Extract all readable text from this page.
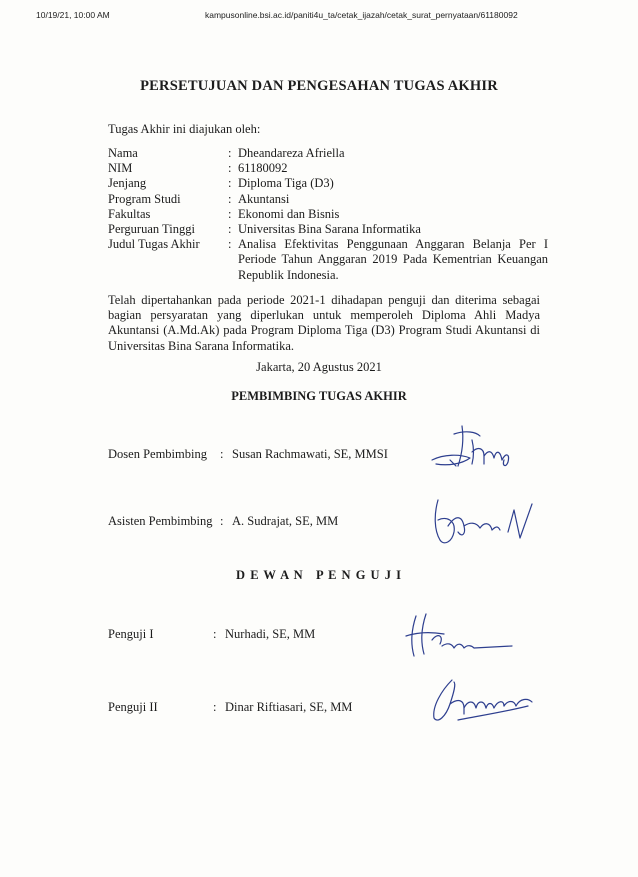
10/19/21, 10:00 AM	kampusonline.bsi.ac.id/paniti4u_ta/cetak_ijazah/cetak_surat_pernyataan/61180092
PERSETUJUAN DAN PENGESAHAN TUGAS AKHIR
Tugas Akhir ini diajukan oleh:
Nama	: Dheandareza Afriella
NIM	: 61180092
Jenjang	: Diploma Tiga (D3)
Program Studi	: Akuntansi
Fakultas	: Ekonomi dan Bisnis
Perguruan Tinggi	: Universitas Bina Sarana Informatika
Judul Tugas Akhir	: Analisa Efektivitas Penggunaan Anggaran Belanja Per I Periode Tahun Anggaran 2019 Pada Kementrian Keuangan Republik Indonesia.
Telah dipertahankan pada periode 2021-1 dihadapan penguji dan diterima sebagai bagian persyaratan yang diperlukan untuk memperoleh Diploma Ahli Madya Akuntansi (A.Md.Ak) pada Program Diploma Tiga (D3) Program Studi Akuntansi di Universitas Bina Sarana Informatika.
Jakarta, 20 Agustus 2021
PEMBIMBING TUGAS AKHIR
Dosen Pembimbing	: Susan Rachmawati, SE, MMSI
Asisten Pembimbing : A. Sudrajat, SE, MM
D E W A N   P E N G U J I
Penguji I	: Nurhadi, SE, MM
Penguji II	: Dinar Riftiasari, SE, MM
